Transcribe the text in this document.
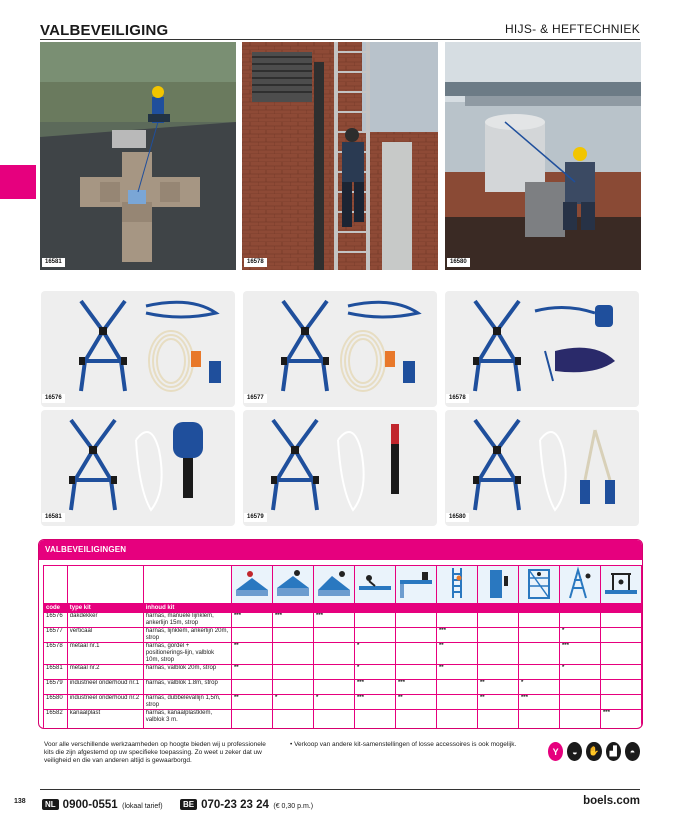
VALBEVEILIGING	HIJS- & HEFTECHNIEK
16581	16578	16580
16576	16577	16578
16581	16579	16580
VALBEVEILIGINGEN

code	type kit	inhoud kit										
16576	dakdekker	harnas, manuele lijnklem, ankerlijn 15m, strop	***	***	***							
16577	verticaal	harnas, lijnklem, ankerlijn 20m, strop						***			*	
16578	metaal nr.1	harnas, gordel + positionerings-lijn, valblok 10m, strop	**			*		**			***	
16581	metaal nr.2	harnas, valblok 20m, strop	**			*		**			*	
16579	industrieel onderhoud nr.1	harnas, valblok 1.8m, strop				***	***		**	*		
16580	industrieel onderhoud nr.2	harnas, dubbelevallijn 1,5m, strop	**	*	*	***	**		**	***		
16582	kanaalplast	harnas, kanaalplastklem, valblok 3 m.										***
Voor alle verschillende werkzaamheden op hoogte bieden wij u professionele kits die zijn afgestemd op uw specifieke toepassing. Zo weet u zeker dat uw veiligheid en die van anderen altijd is gewaarborgd.
• Verkoop van andere kit-samenstellingen of losse accessoires is ook mogelijk.
Y	◒	✋	▟	◓
138	NL 0900-0551 (lokaal tarief)	BE 070-23 23 24 (€ 0,30 p.m.)	boels.com
